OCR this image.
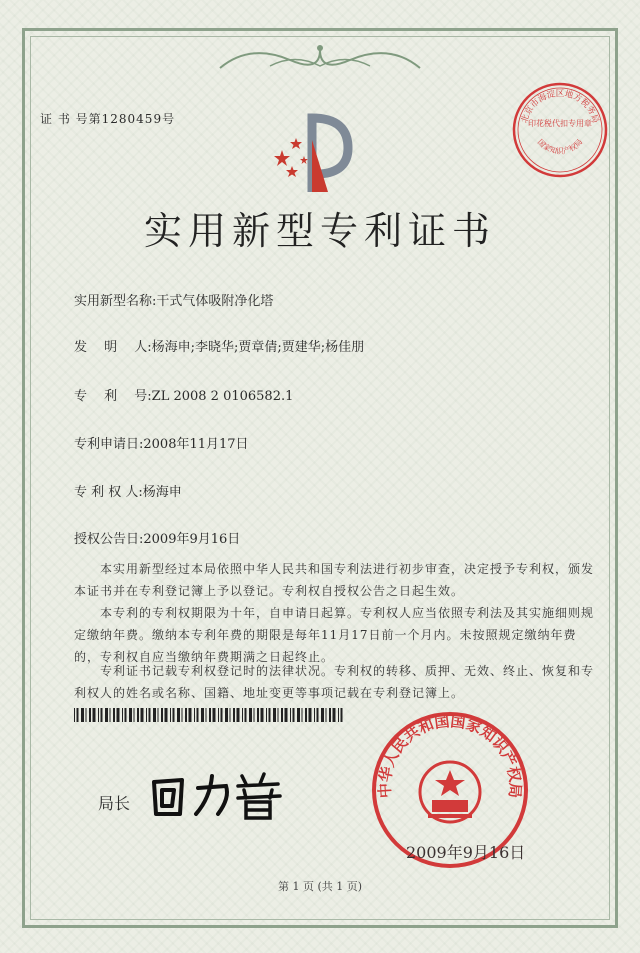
证 书 号第1280459号
实用新型专利证书
实用新型名称:干式气体吸附净化塔
发　 明 　人:杨海申;李晓华;贾章倩;贾建华;杨佳朋
专　 利 　号:ZL 2008 2 0106582.1
专利申请日:2008年11月17日
专 利 权 人:杨海申
授权公告日:2009年9月16日
　　本实用新型经过本局依照中华人民共和国专利法进行初步审查，决定授予专利权，颁发本证书并在专利登记簿上予以登记。专利权自授权公告之日起生效。
　　本专利的专利权期限为十年，自申请日起算。专利权人应当依照专利法及其实施细则规定缴纳年费。缴纳本专利年费的期限是每年11月17日前一个月内。未按照规定缴纳年费的，专利权自应当缴纳年费期满之日起终止。
　　专利证书记载专利权登记时的法律状况。专利权的转移、质押、无效、终止、恢复和专利权人的姓名或名称、国籍、地址变更等事项记载在专利登记簿上。
局长
北京市海淀区地方税务局
印花税代扣专用章
国家知识产权局
中华人民共和国国家知识产权局
2009年9月16日
第 1 页 (共 1 页)
